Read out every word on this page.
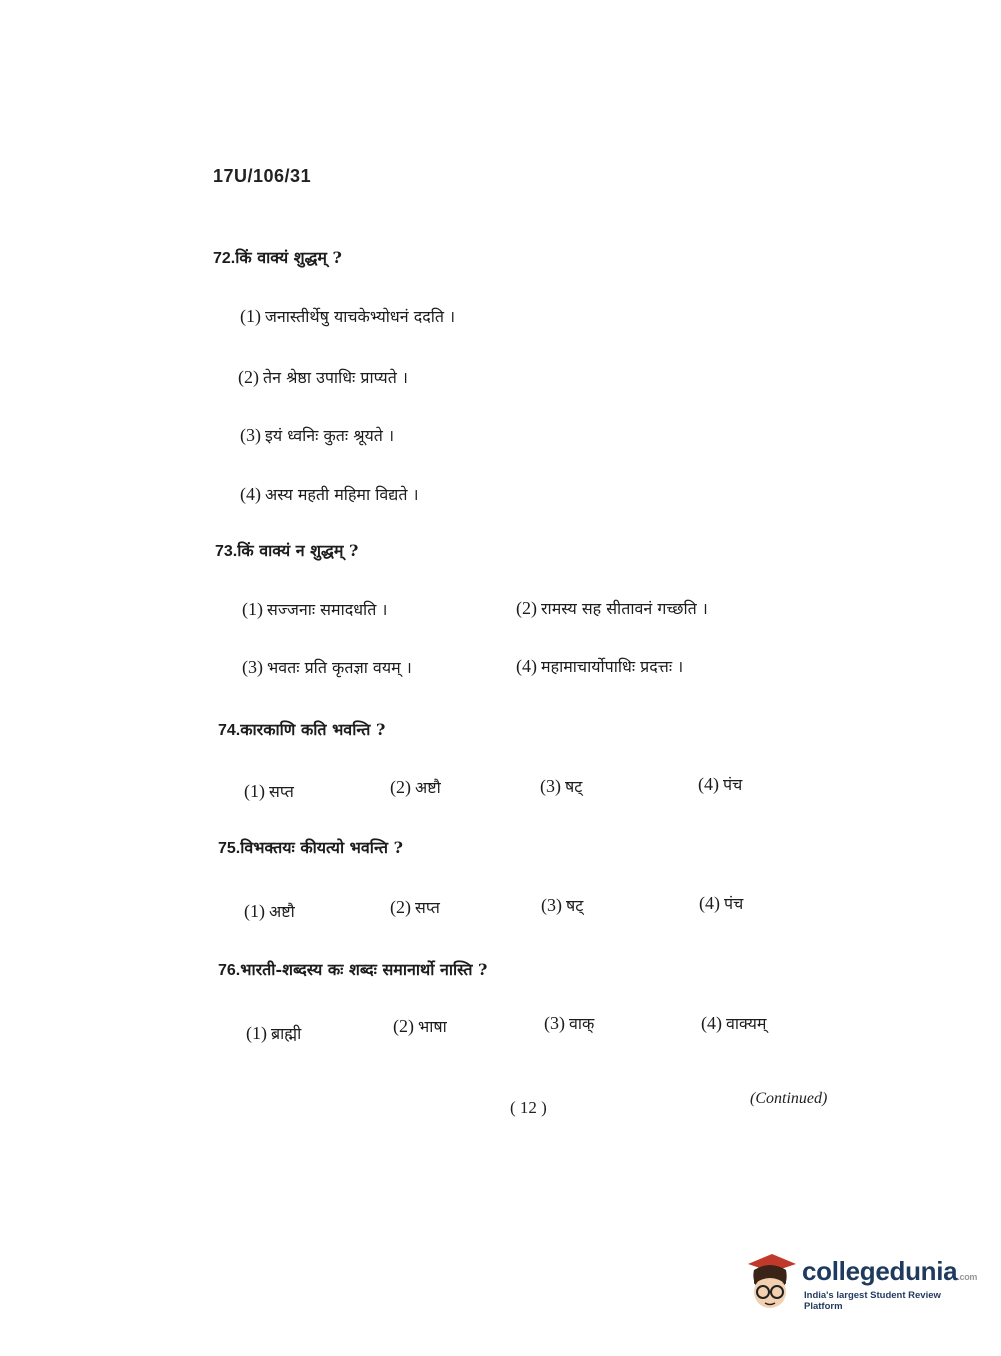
17U/106/31
72.किं वाक्यं शुद्धम् ?
(1) जनास्तीर्थेषु याचकेभ्योधनं ददति ।
(2) तेन श्रेष्ठा उपाधिः प्राप्यते ।
(3) इयं ध्वनिः कुतः श्रूयते ।
(4) अस्य महती महिमा विद्यते ।
73.किं वाक्यं न शुद्धम् ?
(1) सज्जनाः समादधति ।	(2) रामस्य सह सीतावनं गच्छति ।
(3) भवतः प्रति कृतज्ञा वयम् ।	(4) महामाचार्योपाधिः प्रदत्तः ।
74.कारकाणि कति भवन्ति ?
(1) सप्त	(2) अष्टौ	(3) षट्	(4) पंच
75.विभक्तयः कीयत्यो भवन्ति ?
(1) अष्टौ	(2) सप्त	(3) षट्	(4) पंच
76.भारती-शब्दस्य कः शब्दः समानार्थो नास्ति ?
(1) ब्राह्मी	(2) भाषा	(3) वाक्	(4) वाक्यम्
( 12 )	(Continued)
collegedunia.com
India's largest Student Review Platform
